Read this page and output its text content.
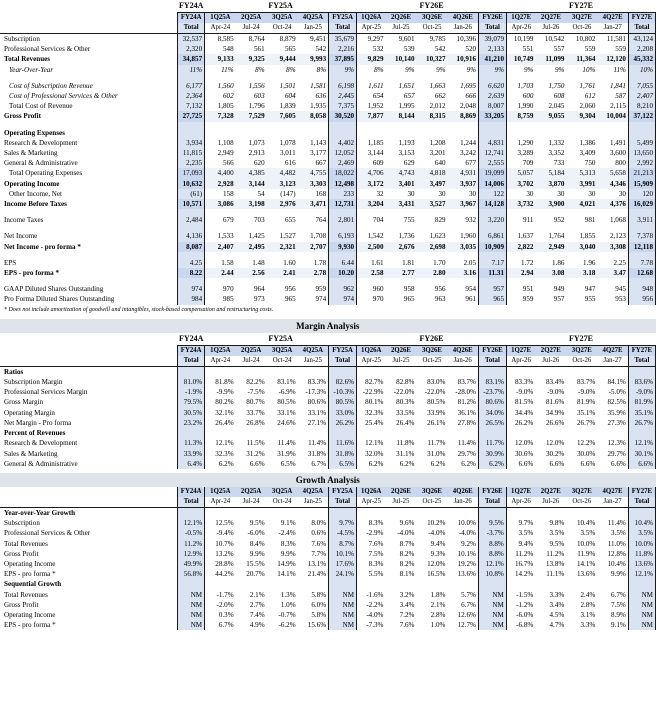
	FY24A	FY25A					FY26E					FY27E				
	FY24A	1Q25A	2Q25A	3Q25A	4Q25A	FY25A	1Q26A	2Q26E	3Q26E	4Q26E	FY26E	1Q27E	2Q27E	3Q27E	4Q27E	FY27E
	Total	Apr-24	Jul-24	Oct-24	Jan-25	Total	Apr-25	Jul-25	Oct-25	Jan-26	Total	Apr-26	Jul-26	Oct-26	Jan-27	Total
Subscription	32,537	8,585	8,764	8,879	9,451	35,679	9,297	9,601	9,785	10,396	39,079	10,199	10,542	10,802	11,581	43,124
Professional Services & Other	2,320	548	561	565	542	2,216	532	539	542	520	2,133	551	557	559	559	2,208
Total Revenues	34,857	9,133	9,325	9,444	9,993	37,895	9,829	10,140	10,327	10,916	41,210	10,749	11,099	11,364	12,120	45,332
Year-Over-Year	11%	11%	8%	8%	8%	9%	8%	9%	9%	9%	9%	9%	9%	10%	11%	10%

Cost of Subscription Revenue	6,177	1,560	1,556	1,501	1,581	6,198	1,611	1,651	1,663	1,695	6,620	1,703	1,750	1,761	1,841	7,055
Cost of Professional Services & Other	2,364	602	603	604	636	2,445	654	657	662	666	2,639	600	608	612	587	2,407
Total Cost of Revenue	7,132	1,805	1,796	1,839	1,935	7,375	1,952	1,995	2,012	2,048	8,007	1,990	2,045	2,060	2,115	8,210
Gross Profit	27,725	7,328	7,529	7,605	8,058	30,520	7,877	8,144	8,315	8,869	33,205	8,759	9,055	9,304	10,004	37,122

Operating Expenses																
Research & Development	3,934	1,108	1,073	1,078	1,143	4,402	1,185	1,193	1,208	1,244	4,831	1,290	1,332	1,386	1,491	5,499
Sales & Marketing	11,815	2,949	2,913	3,011	3,177	12,052	3,144	3,153	3,201	3,242	12,741	3,289	3,352	3,409	3,600	13,650
General & Administrative	2,235	566	620	616	667	2,469	609	629	640	677	2,555	709	733	750	800	2,992
Total Operating Expenses	17,093	4,400	4,385	4,482	4,755	18,022	4,706	4,743	4,818	4,931	19,099	5,057	5,184	5,313	5,658	21,213
Operating Income	10,632	2,928	3,144	3,123	3,303	12,498	3,172	3,401	3,497	3,937	14,006	3,702	3,870	3,991	4,346	15,909
Other Income, Net	(61)	158	54	(147)	168	233	32	30	30	30	122	30	30	30	30	120
Income Before Taxes	10,571	3,086	3,198	2,976	3,471	12,731	3,204	3,431	3,527	3,967	14,128	3,732	3,900	4,021	4,376	16,029

Income Taxes	2,484	679	703	655	764	2,801	704	755	829	932	3,220	911	952	981	1,068	3,911

Net Income	4,136	1,533	1,425	1,527	1,708	6,193	1,542	1,736	1,623	1,960	6,861	1,637	1,764	1,855	2,123	7,378
Net Income - pro forma *	8,087	2,407	2,495	2,321	2,707	9,930	2,500	2,676	2,698	3,035	10,909	2,822	2,949	3,040	3,308	12,118

EPS	4.25	1.58	1.48	1.60	1.78	6.44	1.61	1.81	1.70	2.05	7.17	1.72	1.86	1.96	2.25	7.78
EPS - pro forma *	8.22	2.44	2.56	2.41	2.78	10.20	2.58	2.77	2.80	3.16	11.31	2.94	3.08	3.18	3.47	12.68

GAAP Diluted Shares Outstanding	974	970	964	956	959	962	960	958	956	954	957	951	949	947	945	948
Pro Forma Diluted Shares Outstanding	984	985	973	965	974	974	970	965	963	961	965	959	957	955	953	956
* Does not include amortization of goodwill and intangibles, stock-based compensation and restructuring costs.																
Margin Analysis																
	FY24A	FY25A					FY26E					FY27E				
	FY24A	1Q25A	2Q25A	3Q25A	4Q25A	FY25A	1Q26A	2Q26E	3Q26E	4Q26E	FY26E	1Q27E	2Q27E	3Q27E	4Q27E	FY27E
	Total	Apr-24	Jul-24	Oct-24	Jan-25	Total	Apr-25	Jul-25	Oct-25	Jan-26	Total	Apr-26	Jul-26	Oct-26	Jan-27	Total
Ratios																
Subscription Margin	81.0%	81.8%	82.2%	83.1%	83.3%	82.6%	82.7%	82.8%	83.0%	83.7%	83.1%	83.3%	83.4%	83.7%	84.1%	83.6%
Professional Services Margin	-1.9%	-9.9%	-7.5%	-6.9%	-17.3%	-10.3%	-22.9%	-22.0%	-22.0%	-28.0%	-23.7%	-9.0%	-9.0%	-9.0%	-5.0%	-9.0%
Gross Margin	79.5%	80.2%	80.7%	80.5%	80.6%	80.5%	80.1%	80.3%	80.5%	81.2%	80.6%	81.5%	81.6%	81.9%	82.5%	81.9%
Operating Margin	30.5%	32.1%	33.7%	33.1%	33.1%	33.0%	32.3%	33.5%	33.9%	36.1%	34.0%	34.4%	34.9%	35.1%	35.9%	35.1%
Net Margin - Pro forma	23.2%	26.4%	26.8%	24.6%	27.1%	26.2%	25.4%	26.4%	26.1%	27.8%	26.5%	26.2%	26.6%	26.7%	27.3%	26.7%
Percent of Revenues																
Research & Development	11.3%	12.1%	11.5%	11.4%	11.4%	11.6%	12.1%	11.8%	11.7%	11.4%	11.7%	12.0%	12.0%	12.2%	12.3%	12.1%
Sales & Marketing	33.9%	32.3%	31.2%	31.9%	31.8%	31.8%	32.0%	31.1%	31.0%	29.7%	30.9%	30.6%	30.2%	30.0%	29.7%	30.1%
General & Administrative	6.4%	6.2%	6.6%	6.5%	6.7%	6.5%	6.2%	6.2%	6.2%	6.2%	6.2%	6.6%	6.6%	6.6%	6.6%	6.6%
Growth Analysis																
	FY24A	1Q25A	2Q25A	3Q25A	4Q25A	FY25A	1Q26A	2Q26E	3Q26E	4Q26E	FY26E	1Q27E	2Q27E	3Q27E	4Q27E	FY27E
	Total	Apr-24	Jul-24	Oct-24	Jan-25	Total	Apr-25	Jul-25	Oct-25	Jan-26	Total	Apr-26	Jul-26	Oct-26	Jan-27	Total
Year-over-Year Growth																
Subscription	12.1%	12.5%	9.5%	9.1%	8.0%	9.7%	8.3%	9.6%	10.2%	10.0%	9.5%	9.7%	9.8%	10.4%	11.4%	10.4%
Professional Services & Other	-0.5%	-9.4%	-6.0%	-2.4%	0.6%	-4.5%	-2.9%	-4.0%	-4.0%	-4.0%	-3.7%	3.5%	3.5%	3.5%	3.5%	3.5%
Total Revenues	11.2%	10.7%	8.4%	8.3%	7.6%	8.7%	7.6%	8.7%	9.4%	9.2%	8.8%	9.4%	9.5%	10.0%	11.0%	10.0%
Gross Profit	12.9%	13.2%	9.9%	9.9%	7.7%	10.1%	7.5%	8.2%	9.3%	10.1%	8.8%	11.2%	11.2%	11.9%	12.8%	11.8%
Operating Income	49.9%	28.8%	15.5%	14.9%	13.1%	17.6%	8.3%	8.2%	12.0%	19.2%	12.1%	16.7%	13.8%	14.1%	10.4%	13.6%
EPS - pro forma *	56.8%	44.2%	20.7%	14.1%	21.4%	24.1%	5.5%	8.1%	16.5%	13.6%	10.8%	14.2%	11.1%	13.6%	9.9%	12.1%
Sequential Growth																
Total Revenues	NM	-1.7%	2.1%	1.3%	5.8%	NM	-1.6%	3.2%	1.8%	5.7%	NM	-1.5%	3.3%	2.4%	6.7%	NM
Gross Profit	NM	-2.0%	2.7%	1.0%	6.0%	NM	-2.2%	3.4%	2.1%	6.7%	NM	-1.2%	3.4%	2.8%	7.5%	NM
Operating Income	NM	0.3%	7.4%	-0.7%	5.8%	NM	-4.0%	7.2%	2.8%	12.6%	NM	-6.0%	4.5%	3.1%	8.9%	NM
EPS - pro forma *	NM	6.7%	4.9%	-6.2%	15.6%	NM	-7.3%	7.6%	1.0%	12.7%	NM	-6.8%	4.7%	3.3%	9.1%	NM
